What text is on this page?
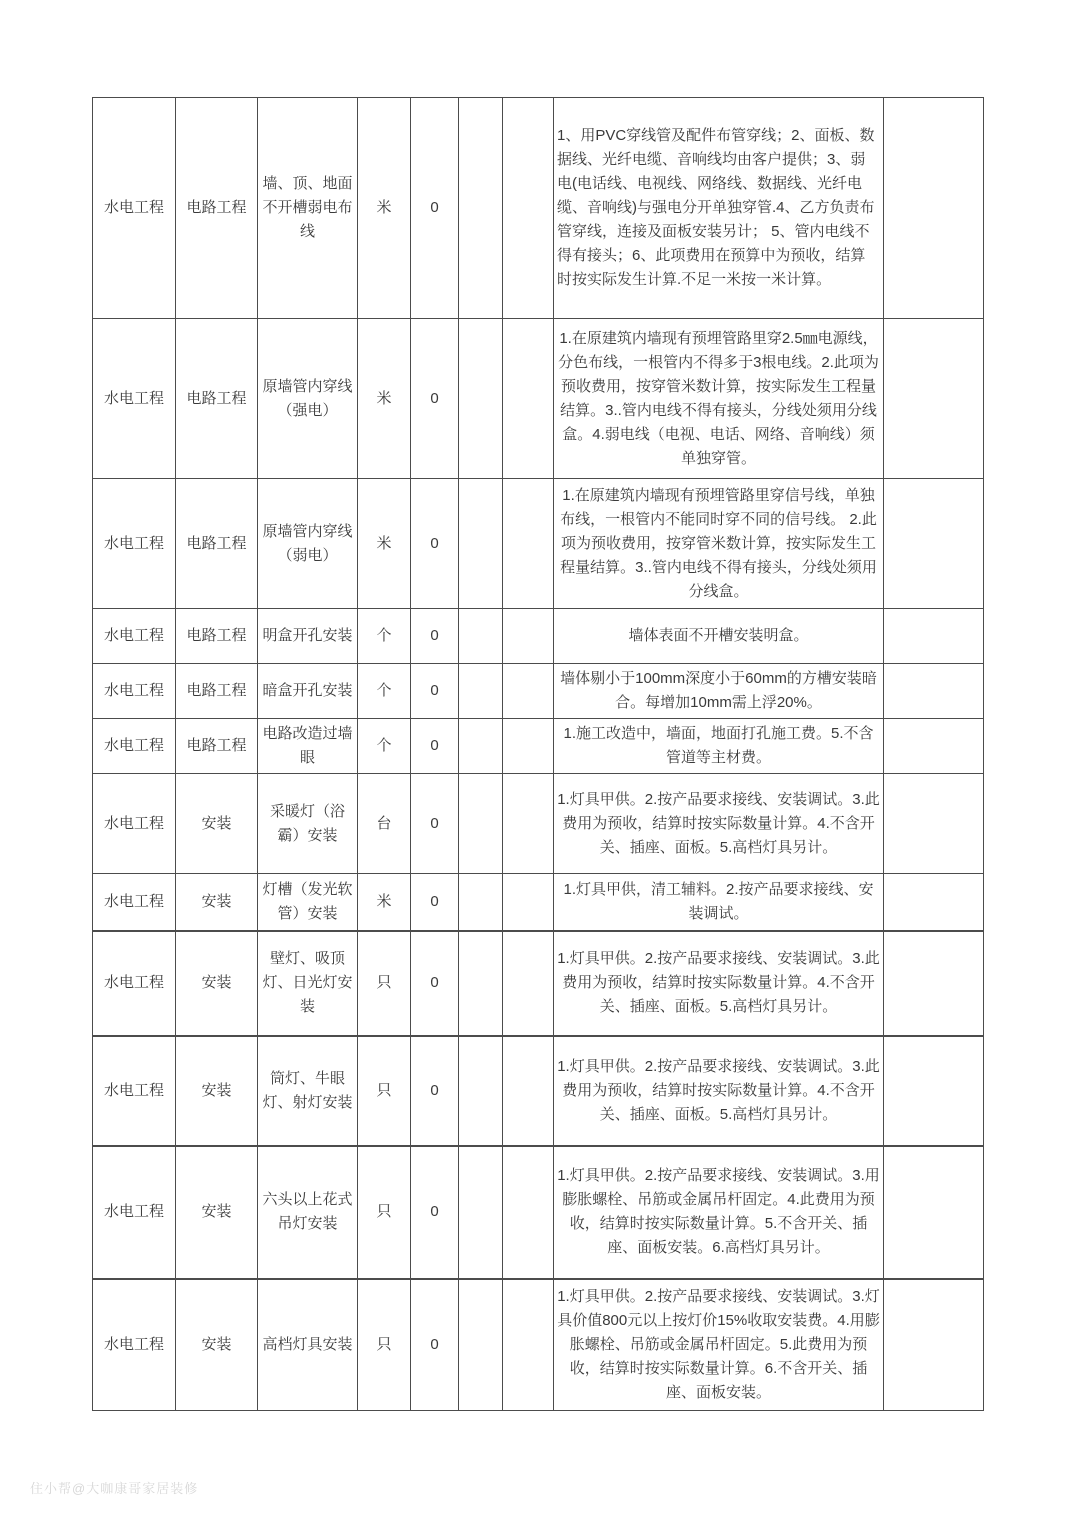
水电工程	电路工程	墙、顶、地面不开槽弱电布线	米	0			1、用PVC穿线管及配件布管穿线；2、面板、数据线、光纤电缆、音响线均由客户提供；3、弱电(电话线、电视线、网络线、数据线、光纤电缆、音响线)与强电分开单独穿管.4、乙方负责布管穿线，连接及面板安装另计； 5、管内电线不得有接头；6、此项费用在预算中为预收，结算时按实际发生计算.不足一米按一米计算。	
水电工程	电路工程	原墙管内穿线（强电）	米	0			1.在原建筑内墙现有预埋管路里穿2.5㎜电源线，分色布线，一根管内不得多于3根电线。2.此项为预收费用，按穿管米数计算，按实际发生工程量结算。3..管内电线不得有接头，分线处须用分线盒。4.弱电线（电视、电话、网络、音响线）须单独穿管。	
水电工程	电路工程	原墙管内穿线（弱电）	米	0			1.在原建筑内墙现有预埋管路里穿信号线，单独布线，一根管内不能同时穿不同的信号线。 2.此项为预收费用，按穿管米数计算，按实际发生工程量结算。3..管内电线不得有接头，分线处须用分线盒。	
水电工程	电路工程	明盒开孔安装	个	0			墙体表面不开槽安装明盒。	
水电工程	电路工程	暗盒开孔安装	个	0			墙体剔小于100mm深度小于60mm的方槽安装暗合。每增加10mm需上浮20%。	
水电工程	电路工程	电路改造过墙眼	个	0			1.施工改造中，墙面，地面打孔施工费。5.不含管道等主材费。	
水电工程	安装	采暖灯（浴霸）安装	台	0			1.灯具甲供。2.按产品要求接线、安装调试。3.此费用为预收，结算时按实际数量计算。4.不含开关、插座、面板。5.高档灯具另计。	
水电工程	安装	灯槽（发光软管）安装	米	0			1.灯具甲供，清工辅料。2.按产品要求接线、安装调试。	
水电工程	安装	壁灯、吸顶灯、日光灯安装	只	0			1.灯具甲供。2.按产品要求接线、安装调试。3.此费用为预收，结算时按实际数量计算。4.不含开关、插座、面板。5.高档灯具另计。	
水电工程	安装	筒灯、牛眼灯、射灯安装	只	0			1.灯具甲供。2.按产品要求接线、安装调试。3.此费用为预收，结算时按实际数量计算。4.不含开关、插座、面板。5.高档灯具另计。	
水电工程	安装	六头以上花式吊灯安装	只	0			1.灯具甲供。2.按产品要求接线、安装调试。3.用膨胀螺栓、吊筋或金属吊杆固定。4.此费用为预收，结算时按实际数量计算。5.不含开关、插座、面板安装。6.高档灯具另计。	
水电工程	安装	高档灯具安装	只	0			1.灯具甲供。2.按产品要求接线、安装调试。3.灯具价值800元以上按灯价15%收取安装费。4.用膨胀螺栓、吊筋或金属吊杆固定。5.此费用为预收，结算时按实际数量计算。6.不含开关、插座、面板安装。	
住小帮@大咖康哥家居装修
